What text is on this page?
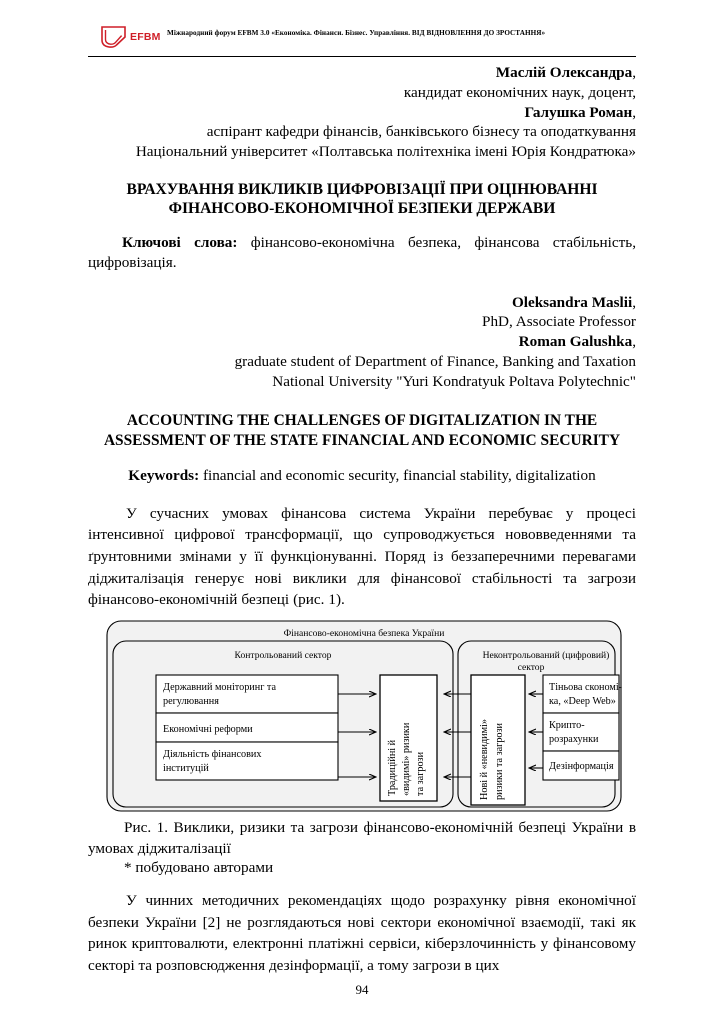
EFBM Міжнародний форум EFBM 3.0 «Економіка. Фінанси. Бізнес. Управління. ВІД ВІДНОВЛЕННЯ ДО ЗРОСТАННЯ»
Маслій Олександра,
кандидат економічних наук, доцент,
Галушка Роман,
аспірант кафедри фінансів, банківського бізнесу та оподаткування
Національний університет «Полтавська політехніка імені Юрія Кондратюка»
ВРАХУВАННЯ ВИКЛИКІВ ЦИФРОВІЗАЦІЇ ПРИ ОЦІНЮВАННІ ФІНАНСОВО-ЕКОНОМІЧНОЇ БЕЗПЕКИ ДЕРЖАВИ

Ключові слова: фінансово-економічна безпека, фінансова стабільність, цифровізація.

Oleksandra Maslii,
PhD, Associate Professor
Roman Galushka,
graduate student of Department of Finance, Banking and Taxation
National University "Yuri Kondratyuk Poltava Polytechnic"
ACCOUNTING THE CHALLENGES OF DIGITALIZATION IN THE ASSESSMENT OF THE STATE FINANCIAL AND ECONOMIC SECURITY

Keywords: financial and economic security, financial stability, digitalization

У сучасних умовах фінансова система України перебуває у процесі інтенсивної цифрової трансформації, що супроводжується нововведеннями та ґрунтовними змінами у її функціонуванні. Поряд із беззаперечними перевагами діджиталізація генерує нові виклики для фінансової стабільності та загрози фінансово-економічній безпеці (рис. 1).

Фінансово-економічна безпека України
Контрольований сектор	Неконтрольований (цифровий)
сектор
Державний моніторинг та
регулювання
Економічні реформи
Діяльність фінансових
інституцій	Традиційні й «видимі» ризики та загрози	Нові й «невидимі» ризики та загрози
Тіньова скономі-
ка, «Deep Web»
Крипто-
розрахунки
Дезінформація
Рис. 1. Виклики, ризики та загрози фінансово-економічній безпеці України в умовах діджиталізації
* побудовано авторами
У чинних методичних рекомендаціях щодо розрахунку рівня економічної безпеки України [2] не розглядаються нові сектори економічної взаємодії, такі як ринок криптовалюти, електронні платіжні сервіси, кіберзлочинність у фінансовому секторі та розповсюдження дезінформації, а тому загрози в цих
94
